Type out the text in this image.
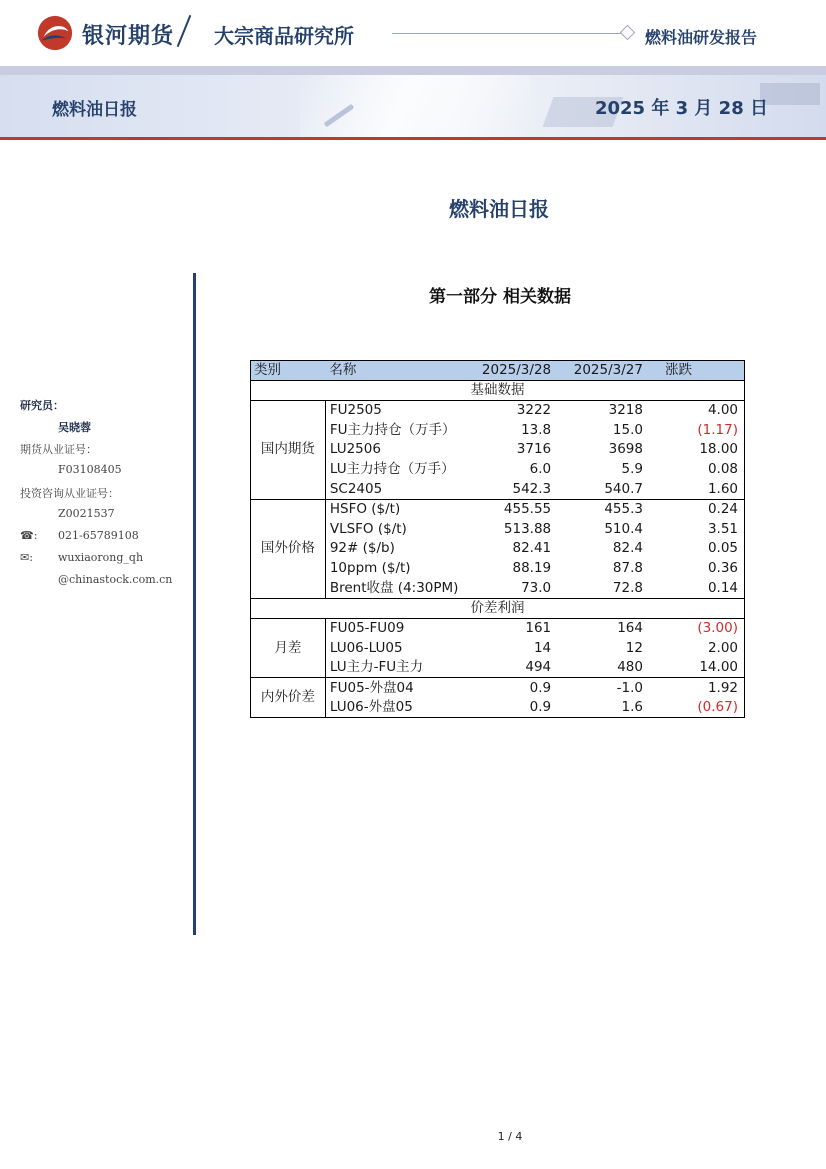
银河期货 大宗商品研究所	燃料油研发报告
燃料油日报	2025 年 3 月 28 日
燃料油日报
第一部分 相关数据
研究员：
吴晓蓉
期货从业证号：
F03108405
投资咨询从业证号：
Z0021537
☎: 021-65789108
✉: wuxiaorong_qh
@chinastock.com.cn
类别	名称	2025/3/28	2025/3/27	涨跌
基础数据				
国内期货	FU2505	3222	3218	4.00
	FU主力持仓（万手）	13.8	15.0	(1.17)
	LU2506	3716	3698	18.00
	LU主力持仓（万手）	6.0	5.9	0.08
	SC2405	542.3	540.7	1.60
国外价格	HSFO ($/t)	455.55	455.3	0.24
	VLSFO ($/t)	513.88	510.4	3.51
	92# ($/b)	82.41	82.4	0.05
	10ppm ($/t)	88.19	87.8	0.36
	Brent收盘 (4:30PM)	73.0	72.8	0.14
价差利润				
月差	FU05-FU09	161	164	(3.00)
	LU06-LU05	14	12	2.00
	LU主力-FU主力	494	480	14.00
内外价差	FU05-外盘04	0.9	-1.0	1.92
	LU06-外盘05	0.9	1.6	(0.67)
1 / 4
